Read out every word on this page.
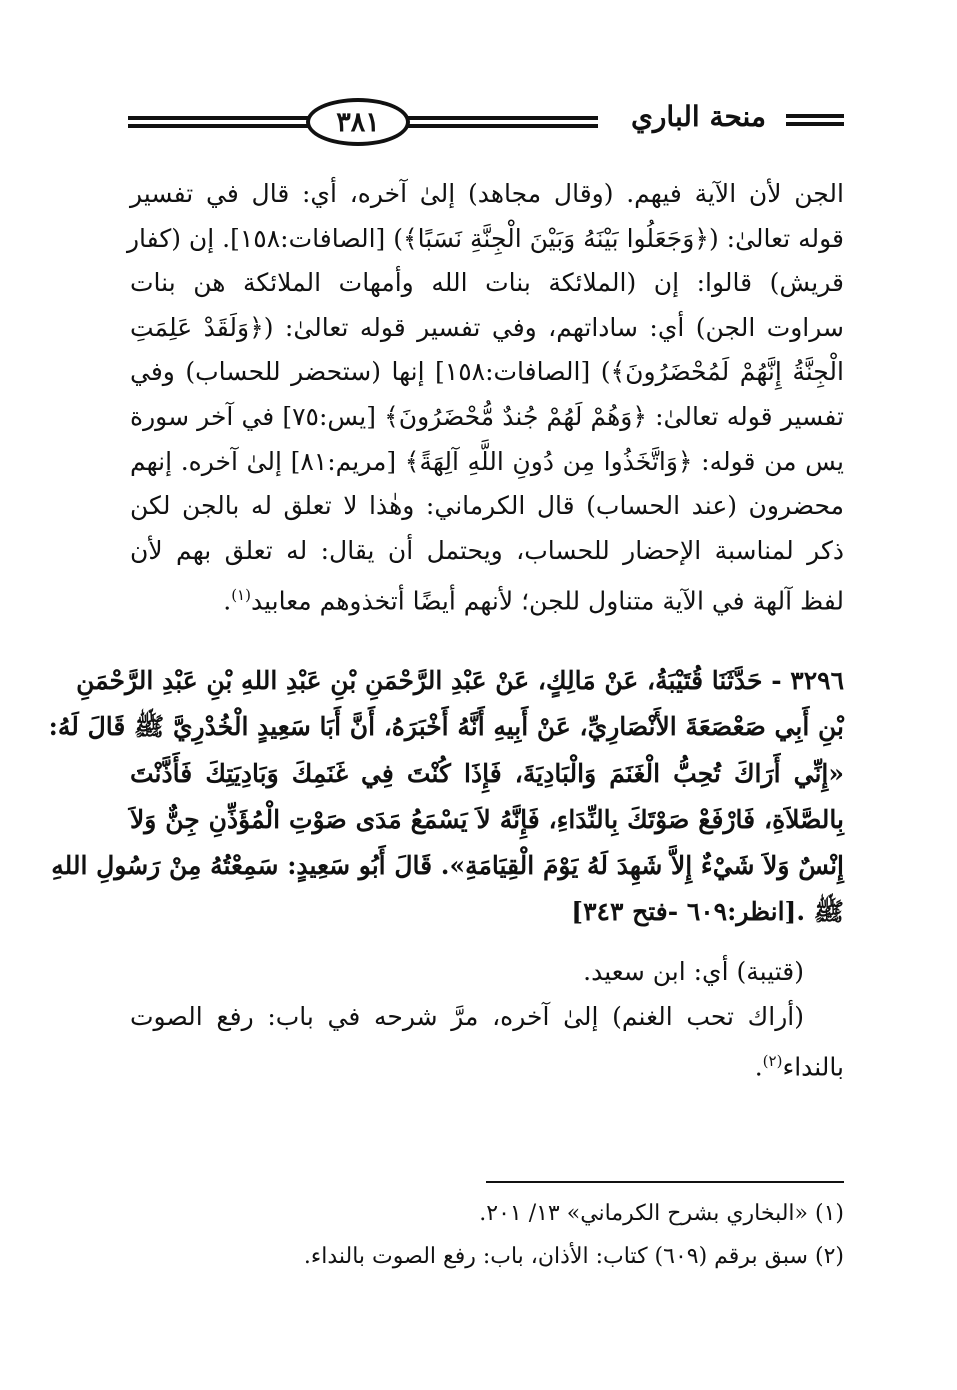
٣٨١	منحة الباري
الجن لأن الآية فيهم. (وقال مجاهد) إلىٰ آخره، أي: قال في تفسير
قوله تعالىٰ: (﴿وَجَعَلُوا بَيْنَهُ وَبَيْنَ الْجِنَّةِ نَسَبًا﴾) [الصافات:١٥٨]. إن (كفار
قريش) قالوا: إن (الملائكة بنات الله وأمهات الملائكة هن بنات
سراوت الجن) أي: ساداتهم، وفي تفسير قوله تعالىٰ: (﴿وَلَقَدْ عَلِمَتِ
الْجِنَّةُ إِنَّهُمْ لَمُحْضَرُونَ﴾) [الصافات:١٥٨] إنها (ستحضر للحساب) وفي
تفسير قوله تعالىٰ: ﴿وَهُمْ لَهُمْ جُندٌ مُّحْضَرُونَ﴾ [يس:٧٥] في آخر سورة
يس من قوله: ﴿وَاتَّخَذُوا مِن دُونِ اللَّهِ آلِهَةً﴾ [مريم:٨١] إلىٰ آخره. إنهم
محضرون (عند الحساب) قال الكرماني: وهٰذا لا تعلق له بالجن لكن
ذكر لمناسبة الإحضار للحساب، ويحتمل أن يقال: له تعلق بهم لأن
لفظ آلهة في الآية متناول للجن؛ لأنهم أيضًا أتخذوهم معابيد$^{(١)}$.
٣٢٩٦ - حَدَّثَنَا قُتَيْبَةُ، عَنْ مَالِكٍ، عَنْ عَبْدِ الرَّحْمَنِ بْنِ عَبْدِ اللهِ بْنِ عَبْدِ الرَّحْمَنِ
بْنِ أَبِي صَعْصَعَةَ الأَنْصَارِيِّ، عَنْ أَبِيهِ أَنَّهُ أَخْبَرَهُ، أَنَّ أَبَا سَعِيدٍ الْخُدْرِيَّ ﷺ قَالَ لَهُ:
«إِنِّي أَرَاكَ تُحِبُّ الْغَنَمَ وَالْبَادِيَةَ، فَإِذَا كُنْتَ فِي غَنَمِكَ وَبَادِيَتِكَ فَأَذَّنْتَ
بِالصَّلاَةِ، فَارْفَعْ صَوْتَكَ بِالنِّدَاءِ، فَإِنَّهُ لاَ يَسْمَعُ مَدَى صَوْتِ الْمُؤَذِّنِ جِنٌّ وَلاَ
إِنْسٌ وَلاَ شَيْءٌ إِلاَّ شَهِدَ لَهُ يَوْمَ الْقِيَامَةِ». قَالَ أَبُو سَعِيدٍ: سَمِعْتُهُ مِنْ رَسُولِ اللهِ
ﷺ .[انظر:٦٠٩ -فتح ٣٤٣]
(قتيبة) أي: ابن سعيد.
(أراك تحب الغنم) إلىٰ آخره، مرَّ شرحه في باب: رفع الصوت
بالنداء$^{(٢)}$.
(١) «البخاري بشرح الكرماني» ١٣/ ٢٠١.
(٢) سبق برقم (٦٠٩) كتاب: الأذان، باب: رفع الصوت بالنداء.
